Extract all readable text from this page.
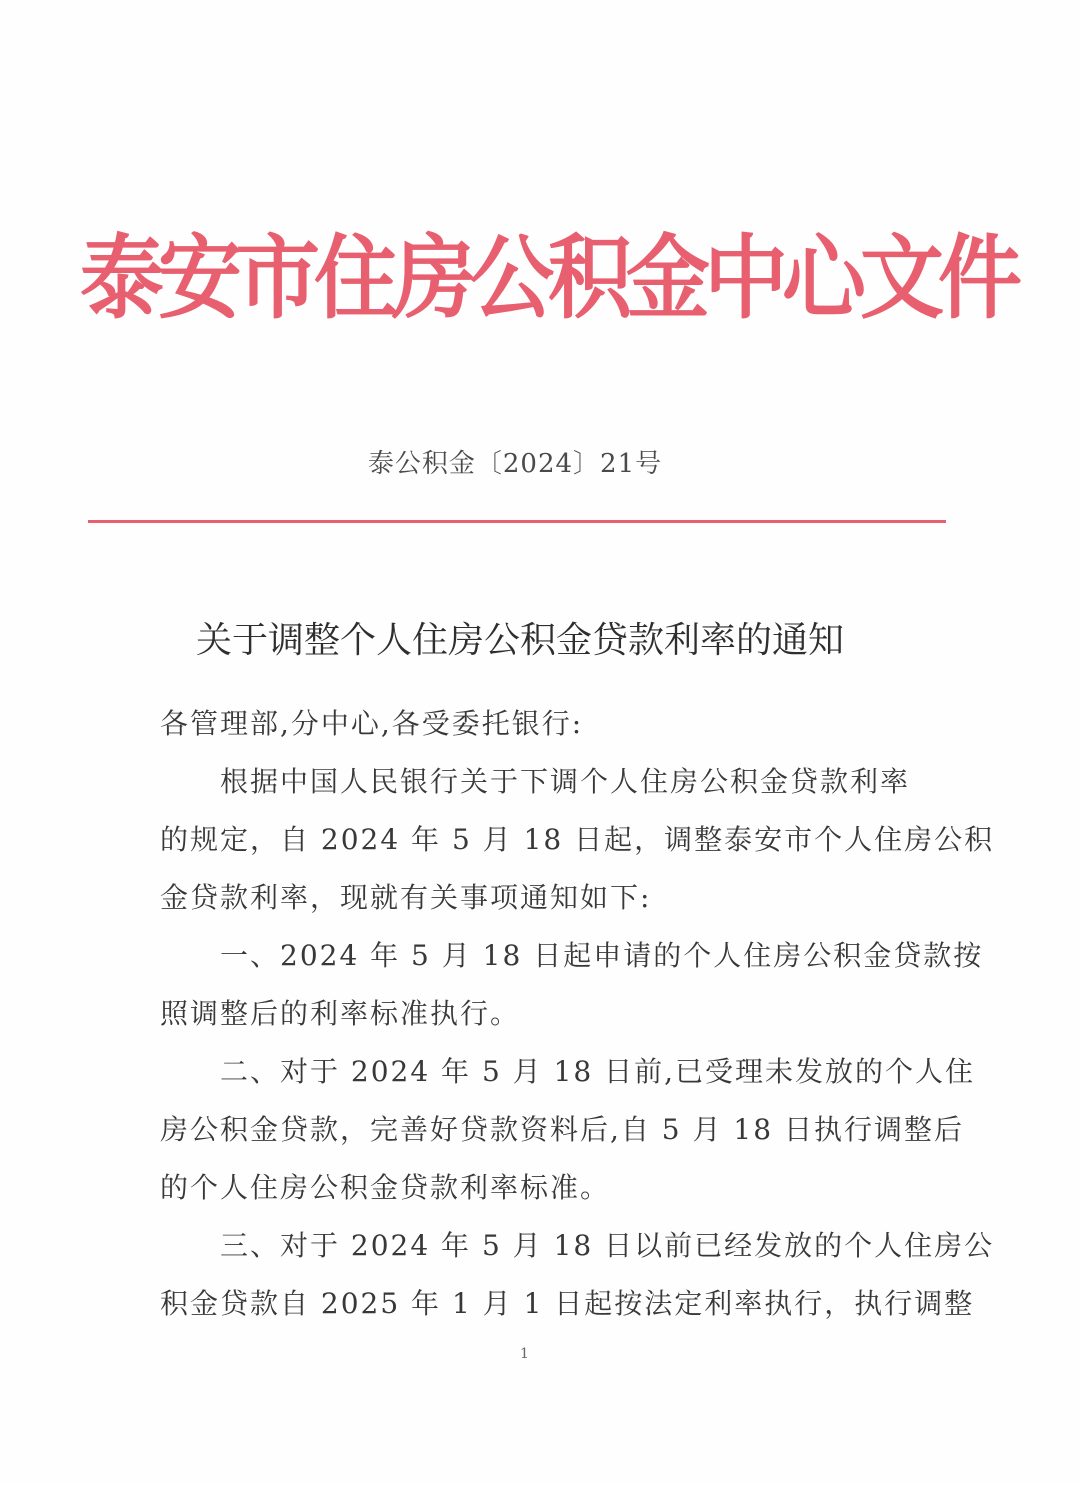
泰安市住房公积金中心文件
泰公积金〔2024〕21号
关于调整个人住房公积金贷款利率的通知
各管理部,分中心,各受委托银行:
　　根据中国人民银行关于下调个人住房公积金贷款利率
的规定，自 2024 年 5 月 18 日起，调整泰安市个人住房公积
金贷款利率，现就有关事项通知如下:
　　一、2024 年 5 月 18 日起申请的个人住房公积金贷款按
照调整后的利率标准执行。
　　二、对于 2024 年 5 月 18 日前,已受理未发放的个人住
房公积金贷款，完善好贷款资料后,自 5 月 18 日执行调整后
的个人住房公积金贷款利率标准。
　　三、对于 2024 年 5 月 18 日以前已经发放的个人住房公
积金贷款自 2025 年 1 月 1 日起按法定利率执行，执行调整
1
